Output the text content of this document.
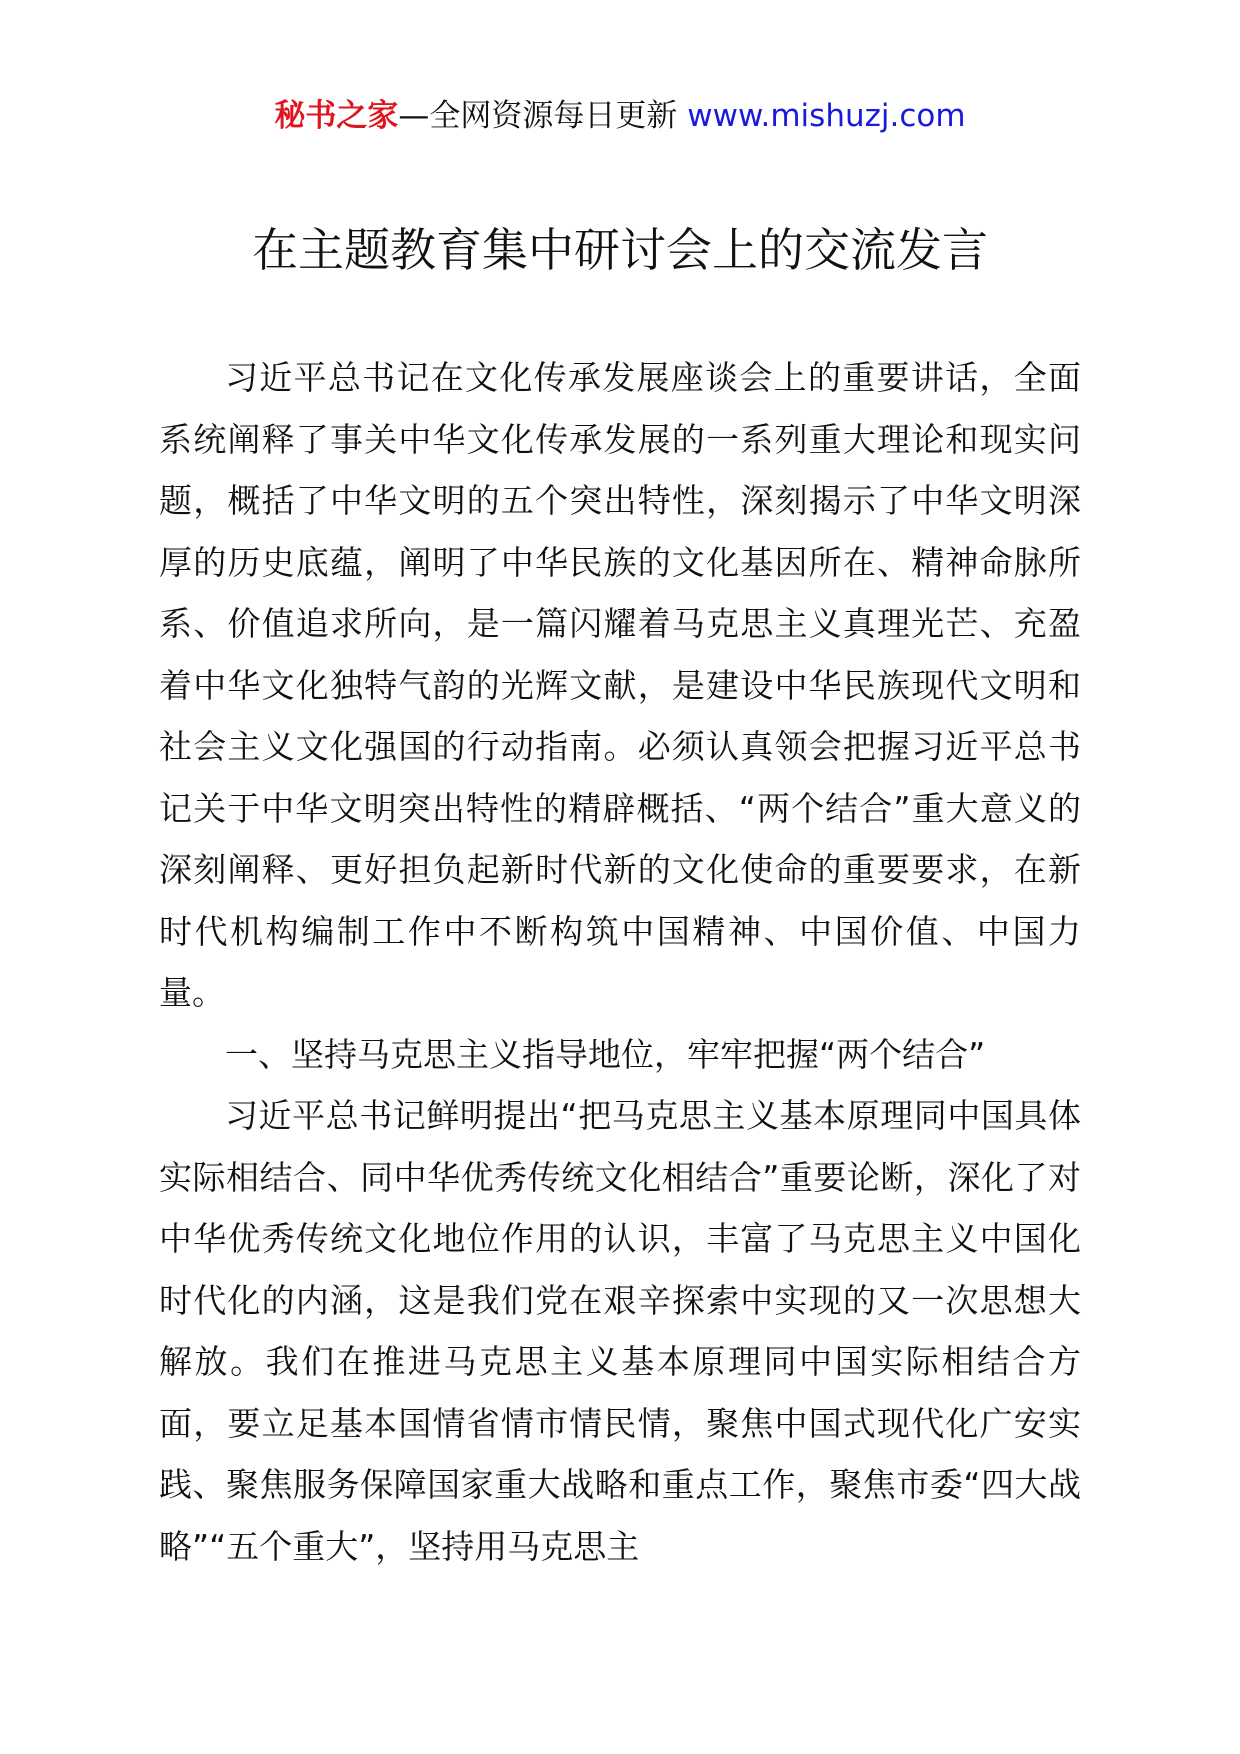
秘书之家—全网资源每日更新 www.mishuzj.com
在主题教育集中研讨会上的交流发言

习近平总书记在文化传承发展座谈会上的重要讲话，全面系统阐释了事关中华文化传承发展的一系列重大理论和现实问题，概括了中华文明的五个突出特性，深刻揭示了中华文明深厚的历史底蕴，阐明了中华民族的文化基因所在、精神命脉所系、价值追求所向，是一篇闪耀着马克思主义真理光芒、充盈着中华文化独特气韵的光辉文献，是建设中华民族现代文明和社会主义文化强国的行动指南。必须认真领会把握习近平总书记关于中华文明突出特性的精辟概括、“两个结合”重大意义的深刻阐释、更好担负起新时代新的文化使命的重要要求，在新时代机构编制工作中不断构筑中国精神、中国价值、中国力量。

一、坚持马克思主义指导地位，牢牢把握“两个结合”

习近平总书记鲜明提出“把马克思主义基本原理同中国具体实际相结合、同中华优秀传统文化相结合”重要论断，深化了对中华优秀传统文化地位作用的认识，丰富了马克思主义中国化时代化的内涵，这是我们党在艰辛探索中实现的又一次思想大解放。我们在推进马克思主义基本原理同中国实际相结合方面，要立足基本国情省情市情民情，聚焦中国式现代化广安实践、聚焦服务保障国家重大战略和重点工作，聚焦市委“四大战略”“五个重大”，坚持用马克思主
